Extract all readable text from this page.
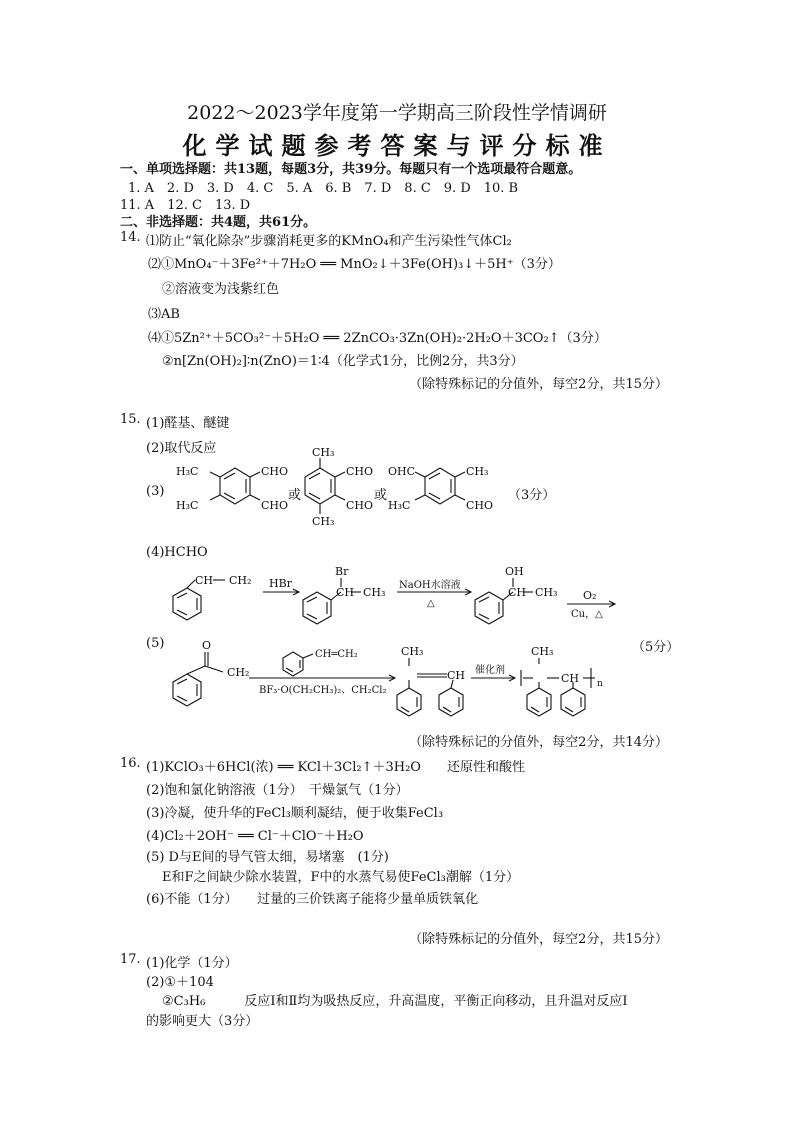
2022～2023学年度第一学期高三阶段性学情调研
化学试题参考答案与评分标准
一、单项选择题：共13题，每题3分，共39分。每题只有一个选项最符合题意。
1. A　2. D　3. D　4. C　5. A　6. B　7. D　8. C　9. D　10. B
11. A　12. C　13. D
二、非选择题：共4题，共61分。
14. ⑴防止“氧化除杂”步骤消耗更多的KMnO₄和产生污染性气体Cl₂
⑵①MnO₄⁻＋3Fe²⁺＋7H₂O ══ MnO₂↓＋3Fe(OH)₃↓＋5H⁺（3分）
②溶液变为浅紫红色
⑶AB
⑷①5Zn²⁺＋5CO₃²⁻＋5H₂O ══ 2ZnCO₃·3Zn(OH)₂·2H₂O＋3CO₂↑（3分）
②n[Zn(OH)₂]∶n(ZnO)＝1∶4（化学式1分，比例2分，共3分）
（除特殊标记的分值外，每空2分，共15分）
15. (1)醛基、醚键
(2)取代反应
(3)	或	或	（3分）
H₃C
H₃C
CHO
CHO
CH₃
CH₃
CHO
CHO
OHC
H₃C
CH₃
CHO
(4)HCHO
(5)	（5分）
CH CH₂ HBr
Br
CH CH₃
NaOH水溶液
△
OH
CH CH₃ O₂
Cu，△
O
CH₂
CH═CH₂
BF₃·O(CH₂CH₃)₂、CH₂Cl₂
CH₃
CH 催化剂
CH₃
CH n
（除特殊标记的分值外，每空2分，共14分）
16. (1)KClO₃＋6HCl(浓) ══ KCl＋3Cl₂↑＋3H₂O　　还原性和酸性
(2)饱和氯化钠溶液（1分）　干燥氯气（1分）
(3)冷凝，使升华的FeCl₃顺利凝结，便于收集FeCl₃
(4)Cl₂＋2OH⁻ ══ Cl⁻＋ClO⁻＋H₂O
(5) D与E间的导气管太细，易堵塞　(1分)
E和F之间缺少除水装置，F中的水蒸气易使FeCl₃潮解（1分）
(6)不能（1分）　　过量的三价铁离子能将少量单质铁氧化
（除特殊标记的分值外，每空2分，共15分）
17. (1)化学（1分）
(2)①＋104
②C₃H₆　　　反应Ⅰ和Ⅱ均为吸热反应，升高温度，平衡正向移动，且升温对反应Ⅰ
的影响更大（3分）
